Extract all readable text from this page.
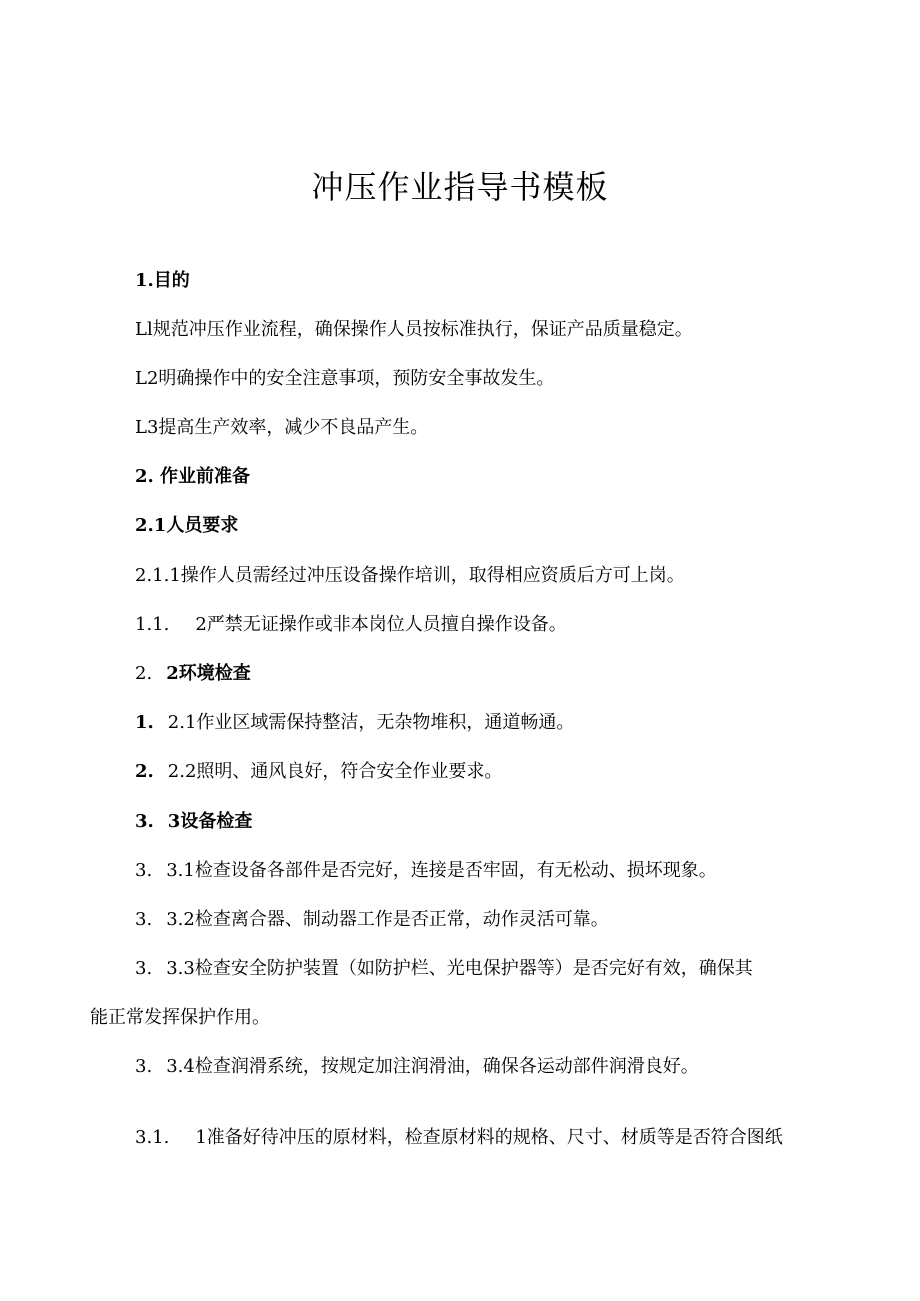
冲压作业指导书模板
1.目的
Ll规范冲压作业流程，确保操作人员按标准执行，保证产品质量稳定。
L2明确操作中的安全注意事项，预防安全事故发生。
L3提高生产效率，减少不良品产生。
2. 作业前准备
2.1人员要求
2.1.1操作人员需经过冲压设备操作培训，取得相应资质后方可上岗。
1.1. 2严禁无证操作或非本岗位人员擅自操作设备。
2. 2环境检查
1. 2.1作业区域需保持整洁，无杂物堆积，通道畅通。
2. 2.2照明、通风良好，符合安全作业要求。
3. 3设备检查
3. 3.1检查设备各部件是否完好，连接是否牢固，有无松动、损坏现象。
3. 3.2检查离合器、制动器工作是否正常，动作灵活可靠。
3. 3.3检查安全防护装置（如防护栏、光电保护器等）是否完好有效，确保其
能正常发挥保护作用。
3. 3.4检查润滑系统，按规定加注润滑油，确保各运动部件润滑良好。
3.1. 1准备好待冲压的原材料，检查原材料的规格、尺寸、材质等是否符合图纸
